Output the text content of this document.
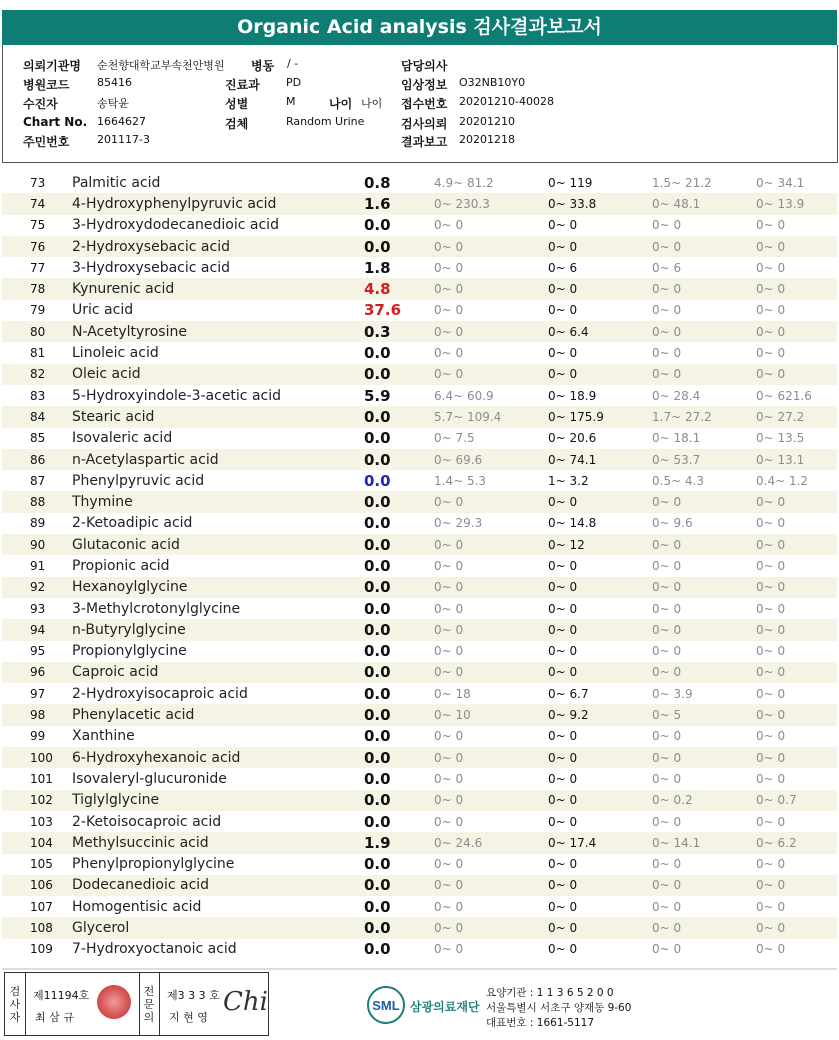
Organic Acid analysis 검사결과보고서
의뢰기관명 순천향대학교부속천안병원
병원코드	85416
수진자	송탁윤
Chart No. 1664627
주민번호	201117-3
병동 / -
진료과 PD
성별	M	나이 나이
검체	Random Urine
담당의사
임상정보 O32NB10Y0
접수번호 20201210-40028
검사의뢰 20201210
결과보고 20201218
73	Palmitic acid	0.8	4.9~ 81.2	0~ 119	1.5~ 21.2	0~ 34.1
74	4-Hydroxyphenylpyruvic acid	1.6	0~ 230.3	0~ 33.8	0~ 48.1	0~ 13.9
75	3-Hydroxydodecanedioic acid	0.0	0~ 0	0~ 0	0~ 0	0~ 0
76	2-Hydroxysebacic acid	0.0	0~ 0	0~ 0	0~ 0	0~ 0
77	3-Hydroxysebacic acid	1.8	0~ 0	0~ 6	0~ 6	0~ 0
78	Kynurenic acid	4.8	0~ 0	0~ 0	0~ 0	0~ 0
79	Uric acid	37.6	0~ 0	0~ 0	0~ 0	0~ 0
80	N-Acetyltyrosine	0.3	0~ 0	0~ 6.4	0~ 0	0~ 0
81	Linoleic acid	0.0	0~ 0	0~ 0	0~ 0	0~ 0
82	Oleic acid	0.0	0~ 0	0~ 0	0~ 0	0~ 0
83	5-Hydroxyindole-3-acetic acid	5.9	6.4~ 60.9	0~ 18.9	0~ 28.4	0~ 621.6
84	Stearic acid	0.0	5.7~ 109.4	0~ 175.9	1.7~ 27.2	0~ 27.2
85	Isovaleric acid	0.0	0~ 7.5	0~ 20.6	0~ 18.1	0~ 13.5
86	n-Acetylaspartic acid	0.0	0~ 69.6	0~ 74.1	0~ 53.7	0~ 13.1
87	Phenylpyruvic acid	0.0	1.4~ 5.3	1~ 3.2	0.5~ 4.3	0.4~ 1.2
88	Thymine	0.0	0~ 0	0~ 0	0~ 0	0~ 0
89	2-Ketoadipic acid	0.0	0~ 29.3	0~ 14.8	0~ 9.6	0~ 0
90	Glutaconic acid	0.0	0~ 0	0~ 12	0~ 0	0~ 0
91	Propionic acid	0.0	0~ 0	0~ 0	0~ 0	0~ 0
92	Hexanoylglycine	0.0	0~ 0	0~ 0	0~ 0	0~ 0
93	3-Methylcrotonylglycine	0.0	0~ 0	0~ 0	0~ 0	0~ 0
94	n-Butyrylglycine	0.0	0~ 0	0~ 0	0~ 0	0~ 0
95	Propionylglycine	0.0	0~ 0	0~ 0	0~ 0	0~ 0
96	Caproic acid	0.0	0~ 0	0~ 0	0~ 0	0~ 0
97	2-Hydroxyisocaproic acid	0.0	0~ 18	0~ 6.7	0~ 3.9	0~ 0
98	Phenylacetic acid	0.0	0~ 10	0~ 9.2	0~ 5	0~ 0
99	Xanthine	0.0	0~ 0	0~ 0	0~ 0	0~ 0
100	6-Hydroxyhexanoic acid	0.0	0~ 0	0~ 0	0~ 0	0~ 0
101	Isovaleryl-glucuronide	0.0	0~ 0	0~ 0	0~ 0	0~ 0
102	Tiglylglycine	0.0	0~ 0	0~ 0	0~ 0.2	0~ 0.7
103	2-Ketoisocaproic acid	0.0	0~ 0	0~ 0	0~ 0	0~ 0
104	Methylsuccinic acid	1.9	0~ 24.6	0~ 17.4	0~ 14.1	0~ 6.2
105	Phenylpropionylglycine	0.0	0~ 0	0~ 0	0~ 0	0~ 0
106	Dodecanedioic acid	0.0	0~ 0	0~ 0	0~ 0	0~ 0
107	Homogentisic acid	0.0	0~ 0	0~ 0	0~ 0	0~ 0
108	Glycerol	0.0	0~ 0	0~ 0	0~ 0	0~ 0
109	7-Hydroxyoctanoic acid	0.0	0~ 0	0~ 0	0~ 0	0~ 0
검
사
자
제11194호
최 삼 규
전
문
의
제3 3 3 호
지 현 영
Chi	SML 삼광의료재단
요양기관 : 1 1 3 6 5 2 0 0
서울특별시 서초구 양재동 9-60
대표번호 : 1661-5117
